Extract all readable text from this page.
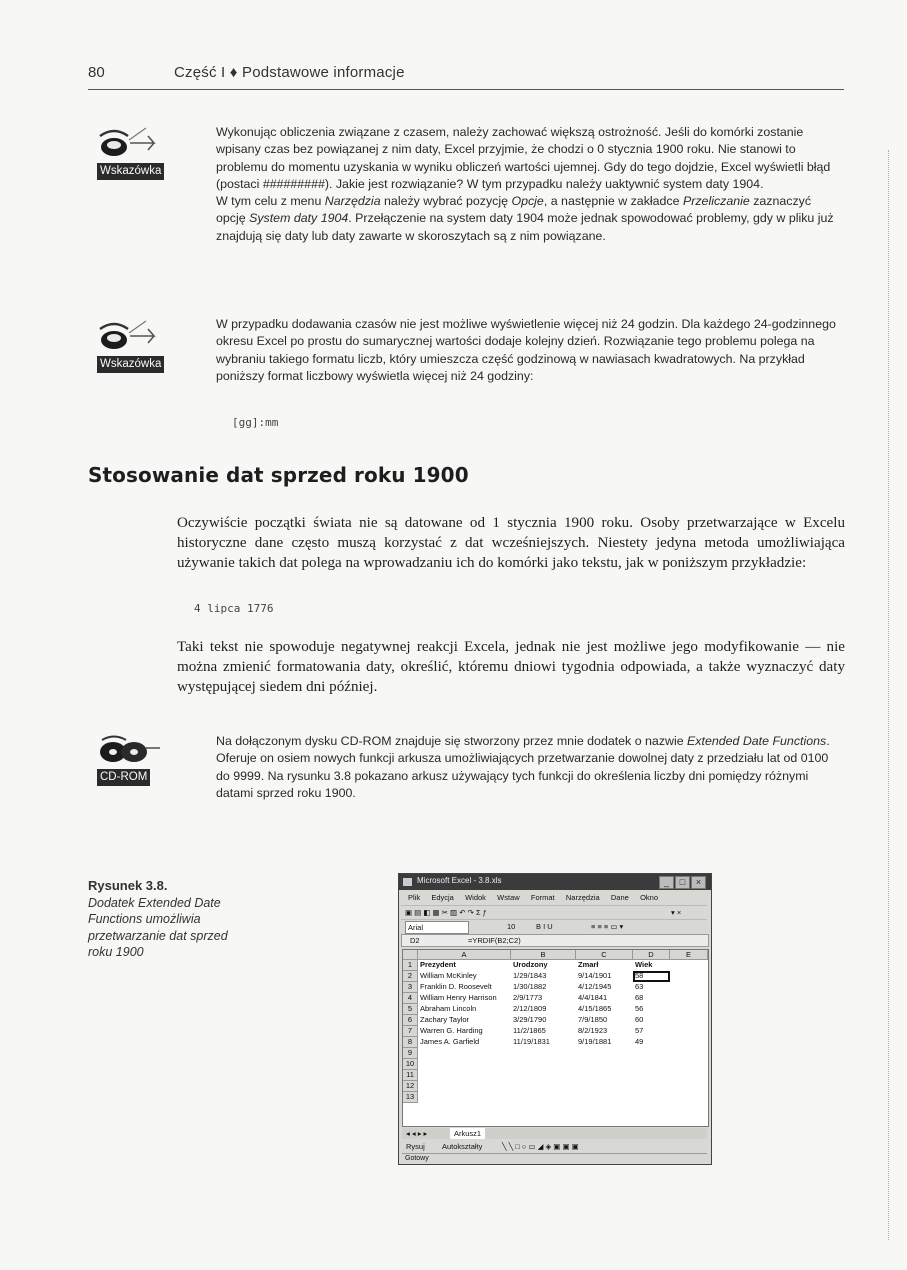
80	Część I ♦ Podstawowe informacje
Wskazówka

Wykonując obliczenia związane z czasem, należy zachować większą ostrożność. Jeśli do komórki zostanie wpisany czas bez powiązanej z nim daty, Excel przyjmie, że chodzi o 0 stycznia 1900 roku. Nie stanowi to problemu do momentu uzyskania w wyniku obliczeń wartości ujemnej. Gdy do tego dojdzie, Excel wyświetli błąd (postaci #########). Jakie jest rozwiązanie? W tym przypadku należy uaktywnić system daty 1904.

W tym celu z menu Narzędzia należy wybrać pozycję Opcje, a następnie w zakładce Przeliczanie zaznaczyć opcję System daty 1904. Przełączenie na system daty 1904 może jednak spowodować problemy, gdy w pliku już znajdują się daty lub daty zawarte w skoroszytach są z nim powiązane.

Wskazówka

W przypadku dodawania czasów nie jest możliwe wyświetlenie więcej niż 24 godzin. Dla każdego 24-godzinnego okresu Excel po prostu do sumarycznej wartości dodaje kolejny dzień. Rozwiązanie tego problemu polega na wybraniu takiego formatu liczb, który umieszcza część godzinową w nawiasach kwadratowych. Na przykład poniższy format liczbowy wyświetla więcej niż 24 godziny:

[gg]:mm
Stosowanie dat sprzed roku 1900

Oczywiście początki świata nie są datowane od 1 stycznia 1900 roku. Osoby przetwarzające w Excelu historyczne dane często muszą korzystać z dat wcześniejszych. Niestety jedyna metoda umożliwiająca używanie takich dat polega na wprowadzaniu ich do komórki jako tekstu, jak w poniższym przykładzie:

4 lipca 1776

Taki tekst nie spowoduje negatywnej reakcji Excela, jednak nie jest możliwe jego modyfikowanie — nie można zmienić formatowania daty, określić, któremu dniowi tygodnia odpowiada, a także wyznaczyć daty występującej siedem dni później.

CD-ROM

Na dołączonym dysku CD-ROM znajduje się stworzony przez mnie dodatek o nazwie Extended Date Functions. Oferuje on osiem nowych funkcji arkusza umożliwiających przetwarzanie dowolnej daty z przedziału lat od 0100 do 9999. Na rysunku 3.8 pokazano arkusz używający tych funkcji do określenia liczby dni pomiędzy różnymi datami sprzed roku 1900.

Rysunek 3.8.
Dodatek Extended Date Functions umożliwia przetwarzanie dat sprzed roku 1900
Microsoft Excel - 3.8.xls	_	□	×
Plik Edycja Widok Wstaw Format Narzędzia Dane Okno
▣ ▤ ◧ ▦ ✂ ▨ ↶ ↷ Σ ƒ	▾ ×
Arial	10	B I U	≡ ≡ ≡ ▭ ▾
D2	=YRDIF(B2;C2)
A	B	C	D	E
1
2
3
4
5
6
7
8
9
10
11
12
13
Prezydent	Urodzony	Zmarł	Wiek
William McKinley	1/29/1843	9/14/1901	58
Franklin D. Roosevelt	1/30/1882	4/12/1945	63
William Henry Harrison	2/9/1773	4/4/1841	68
Abraham Lincoln	2/12/1809	4/15/1865	56
Zachary Taylor	3/29/1790	7/9/1850	60
Warren G. Harding	11/2/1865	8/2/1923	57
James A. Garfield	11/19/1831	9/19/1881	49
◂ ◂ ▸ ▸	Arkusz1
Rysuj Autokształty	╲ ╲ □ ○ ▭ ◢ ◈ ▣ ▣ ▣
Gotowy
